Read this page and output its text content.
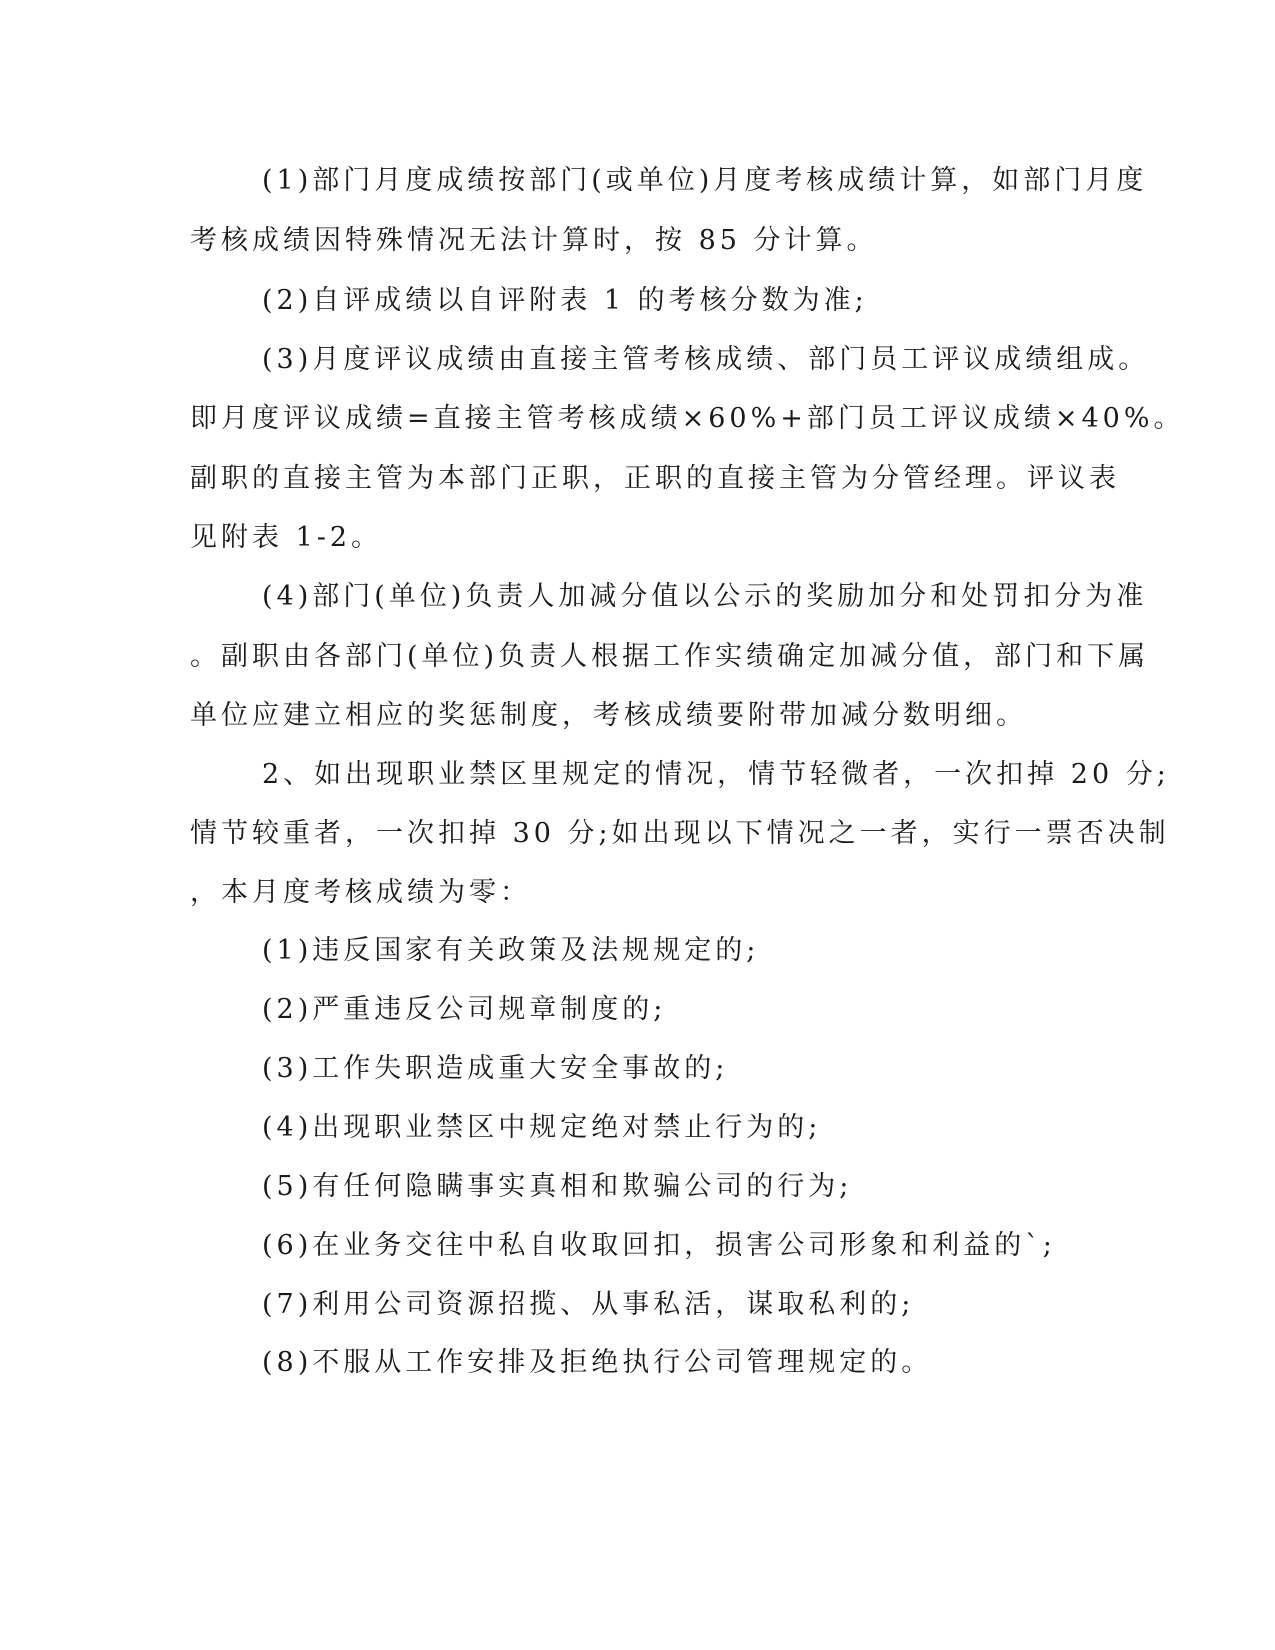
(1)部门月度成绩按部门(或单位)月度考核成绩计算，如部门月度
考核成绩因特殊情况无法计算时，按 85 分计算。
(2)自评成绩以自评附表 1 的考核分数为准;
(3)月度评议成绩由直接主管考核成绩、部门员工评议成绩组成。
即月度评议成绩=直接主管考核成绩×60%+部门员工评议成绩×40%。
副职的直接主管为本部门正职，正职的直接主管为分管经理。评议表
见附表 1-2。
(4)部门(单位)负责人加减分值以公示的奖励加分和处罚扣分为准
。副职由各部门(单位)负责人根据工作实绩确定加减分值，部门和下属
单位应建立相应的奖惩制度，考核成绩要附带加减分数明细。
2、如出现职业禁区里规定的情况，情节轻微者，一次扣掉 20 分;
情节较重者，一次扣掉 30 分;如出现以下情况之一者，实行一票否决制
，本月度考核成绩为零：
(1)违反国家有关政策及法规规定的;
(2)严重违反公司规章制度的;
(3)工作失职造成重大安全事故的;
(4)出现职业禁区中规定绝对禁止行为的;
(5)有任何隐瞒事实真相和欺骗公司的行为;
(6)在业务交往中私自收取回扣，损害公司形象和利益的`;
(7)利用公司资源招揽、从事私活，谋取私利的;
(8)不服从工作安排及拒绝执行公司管理规定的。
